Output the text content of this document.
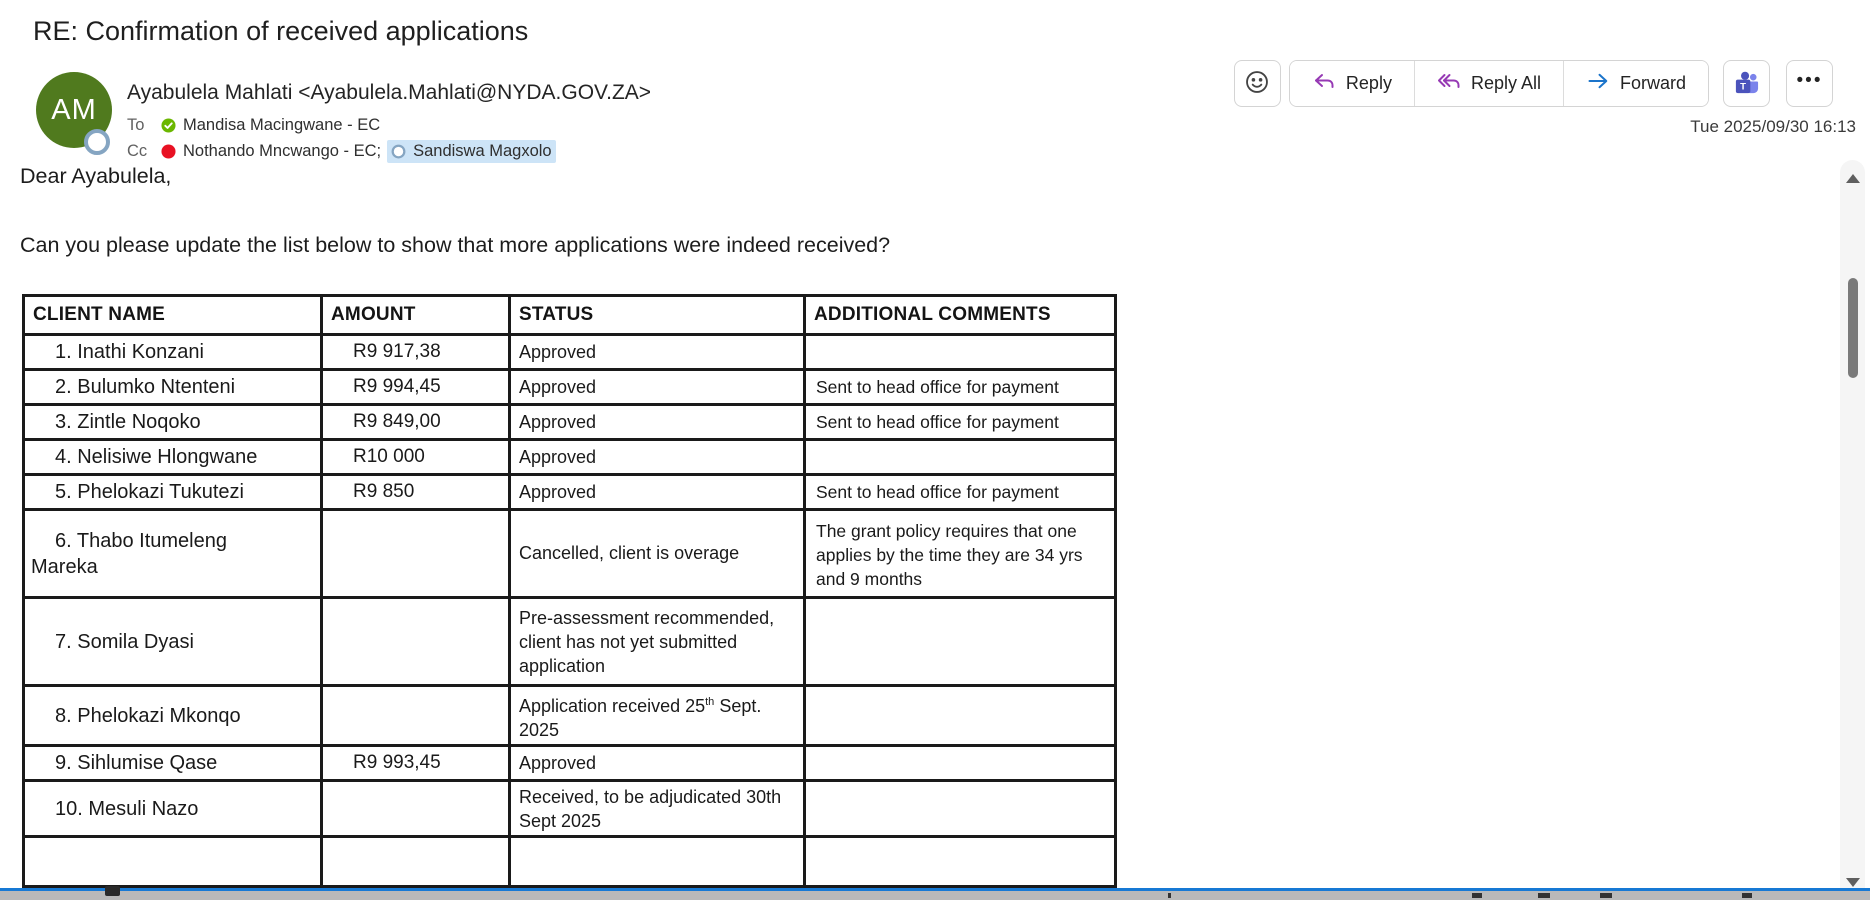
RE: Confirmation of received applications
Reply	Reply All	Forward	T	•••
Tue 2025/09/30 16:13
AM
Ayabulela Mahlati <Ayabulela.Mahlati@NYDA.GOV.ZA>
To	Mandisa Macingwane - EC
Cc	Nothando Mncwango - EC; Sandiswa Magxolo
Dear Ayabulela,
Can you please update the list below to show that more applications were indeed received?
CLIENT NAME	AMOUNT	STATUS	ADDITIONAL COMMENTS
1. Inathi Konzani	R9 917,38	Approved	
2. Bulumko Ntenteni	R9 994,45	Approved	Sent to head office for payment
3. Zintle Noqoko	R9 849,00	Approved	Sent to head office for payment
4. Nelisiwe Hlongwane	R10 000	Approved	
5. Phelokazi Tukutezi	R9 850	Approved	Sent to head office for payment
6. Thabo Itumeleng
Mareka		Cancelled, client is overage	The grant policy requires that one applies by the time they are 34 yrs and 9 months
7. Somila Dyasi		Pre-assessment recommended, client has not yet submitted application	
8. Phelokazi Mkonqo		Application received 25th Sept. 2025	
9. Sihlumise Qase	R9 993,45	Approved	
10. Mesuli Nazo		Received, to be adjudicated 30th Sept 2025	
